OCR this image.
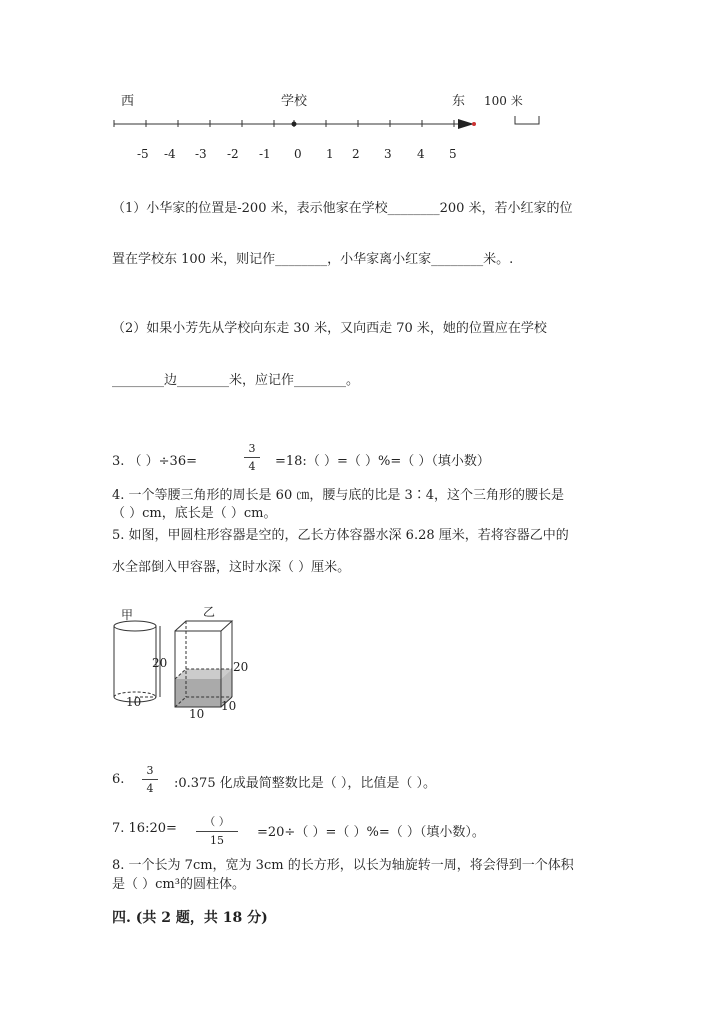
西	学校	东 100 米
-5 -4 -3 -2 -1 0 1 2 3 4 5
（1）小华家的位置是-200 米，表示他家在学校________200 米，若小红家的位
置在学校东 100 米，则记作________，小华家离小红家________米。.
（2）如果小芳先从学校向东走 30 米，又向西走 70 米，她的位置应在学校
________边________米，应记作________。
3. （ ）÷36=
3
4	=18:（ ）=（ ）%=（ ）（填小数）
4. 一个等腰三角形的周长是 60 ㎝，腰与底的比是 3∶4，这个三角形的腰长是
（ ）cm，底长是（ ）cm。
5. 如图，甲圆柱形容器是空的，乙长方体容器水深 6.28 厘米，若将容器乙中的
水全部倒入甲容器，这时水深（ ）厘米。
甲	乙
20
10
20
10
10
6.
3
4	:0.375 化成最简整数比是（ ），比值是（ ）。
7. 16:20=	（ ）
15
=20÷（ ）=（ ）%=（ ）（填小数）。
8. 一个长为 7cm，宽为 3cm 的长方形，以长为轴旋转一周，将会得到一个体积
是（ ）cm³的圆柱体。
四. (共 2 题，共 18 分)
